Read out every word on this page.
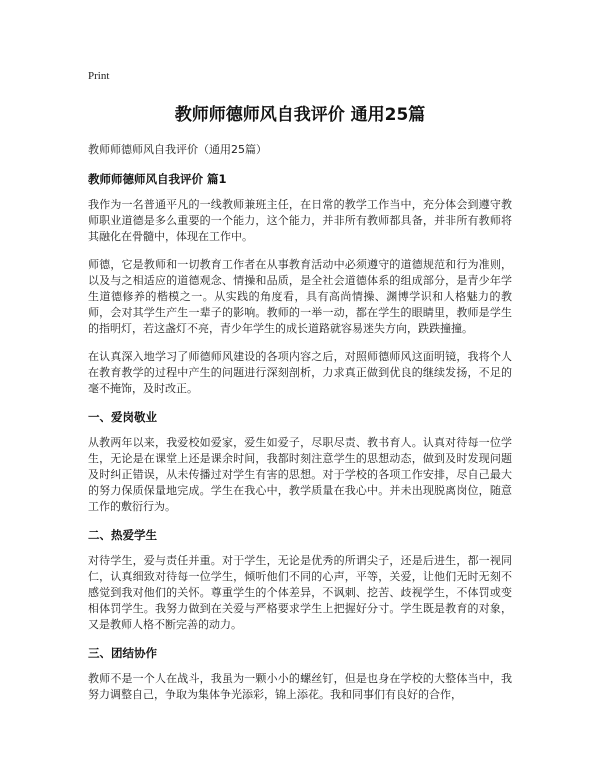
Print
教师师德师风自我评价 通用25篇
教师师德师风自我评价（通用25篇）
教师师德师风自我评价 篇1

我作为一名普通平凡的一线教师兼班主任，在日常的教学工作当中，充分体会到遵守教师职业道德是多么重要的一个能力，这个能力，并非所有教师都具备，并非所有教师将其融化在骨髓中，体现在工作中。

师德，它是教师和一切教育工作者在从事教育活动中必须遵守的道德规范和行为准则，以及与之相适应的道德观念、情操和品质，是全社会道德体系的组成部分，是青少年学生道德修养的楷模之一。从实践的角度看，具有高尚情操、渊博学识和人格魅力的教师，会对其学生产生一辈子的影响。教师的一举一动，都在学生的眼睛里，教师是学生的指明灯，若这盏灯不亮，青少年学生的成长道路就容易迷失方向，跌跌撞撞。

在认真深入地学习了师德师风建设的各项内容之后，对照师德师风这面明镜，我将个人在教育教学的过程中产生的问题进行深刻剖析，力求真正做到优良的继续发扬，不足的毫不掩饰，及时改正。

一、爱岗敬业

从教两年以来，我爱校如爱家，爱生如爱子，尽职尽责、教书育人。认真对待每一位学生，无论是在课堂上还是课余时间，我都时刻注意学生的思想动态，做到及时发现问题及时纠正错误，从未传播过对学生有害的思想。对于学校的各项工作安排，尽自己最大的努力保质保量地完成。学生在我心中，教学质量在我心中。并未出现脱离岗位，随意工作的敷衍行为。

二、热爱学生

对待学生，爱与责任并重。对于学生，无论是优秀的所谓尖子，还是后进生，都一视同仁，认真细致对待每一位学生，倾听他们不同的心声，平等，关爱，让他们无时无刻不感觉到我对他们的关怀。尊重学生的个体差异，不讽刺、挖苦、歧视学生，不体罚或变相体罚学生。我努力做到在关爱与严格要求学生上把握好分寸。学生既是教育的对象，又是教师人格不断完善的动力。

三、团结协作

教师不是一个人在战斗，我虽为一颗小小的螺丝钉，但是也身在学校的大整体当中，我努力调整自己，争取为集体争光添彩，锦上添花。我和同事们有良好的合作，
